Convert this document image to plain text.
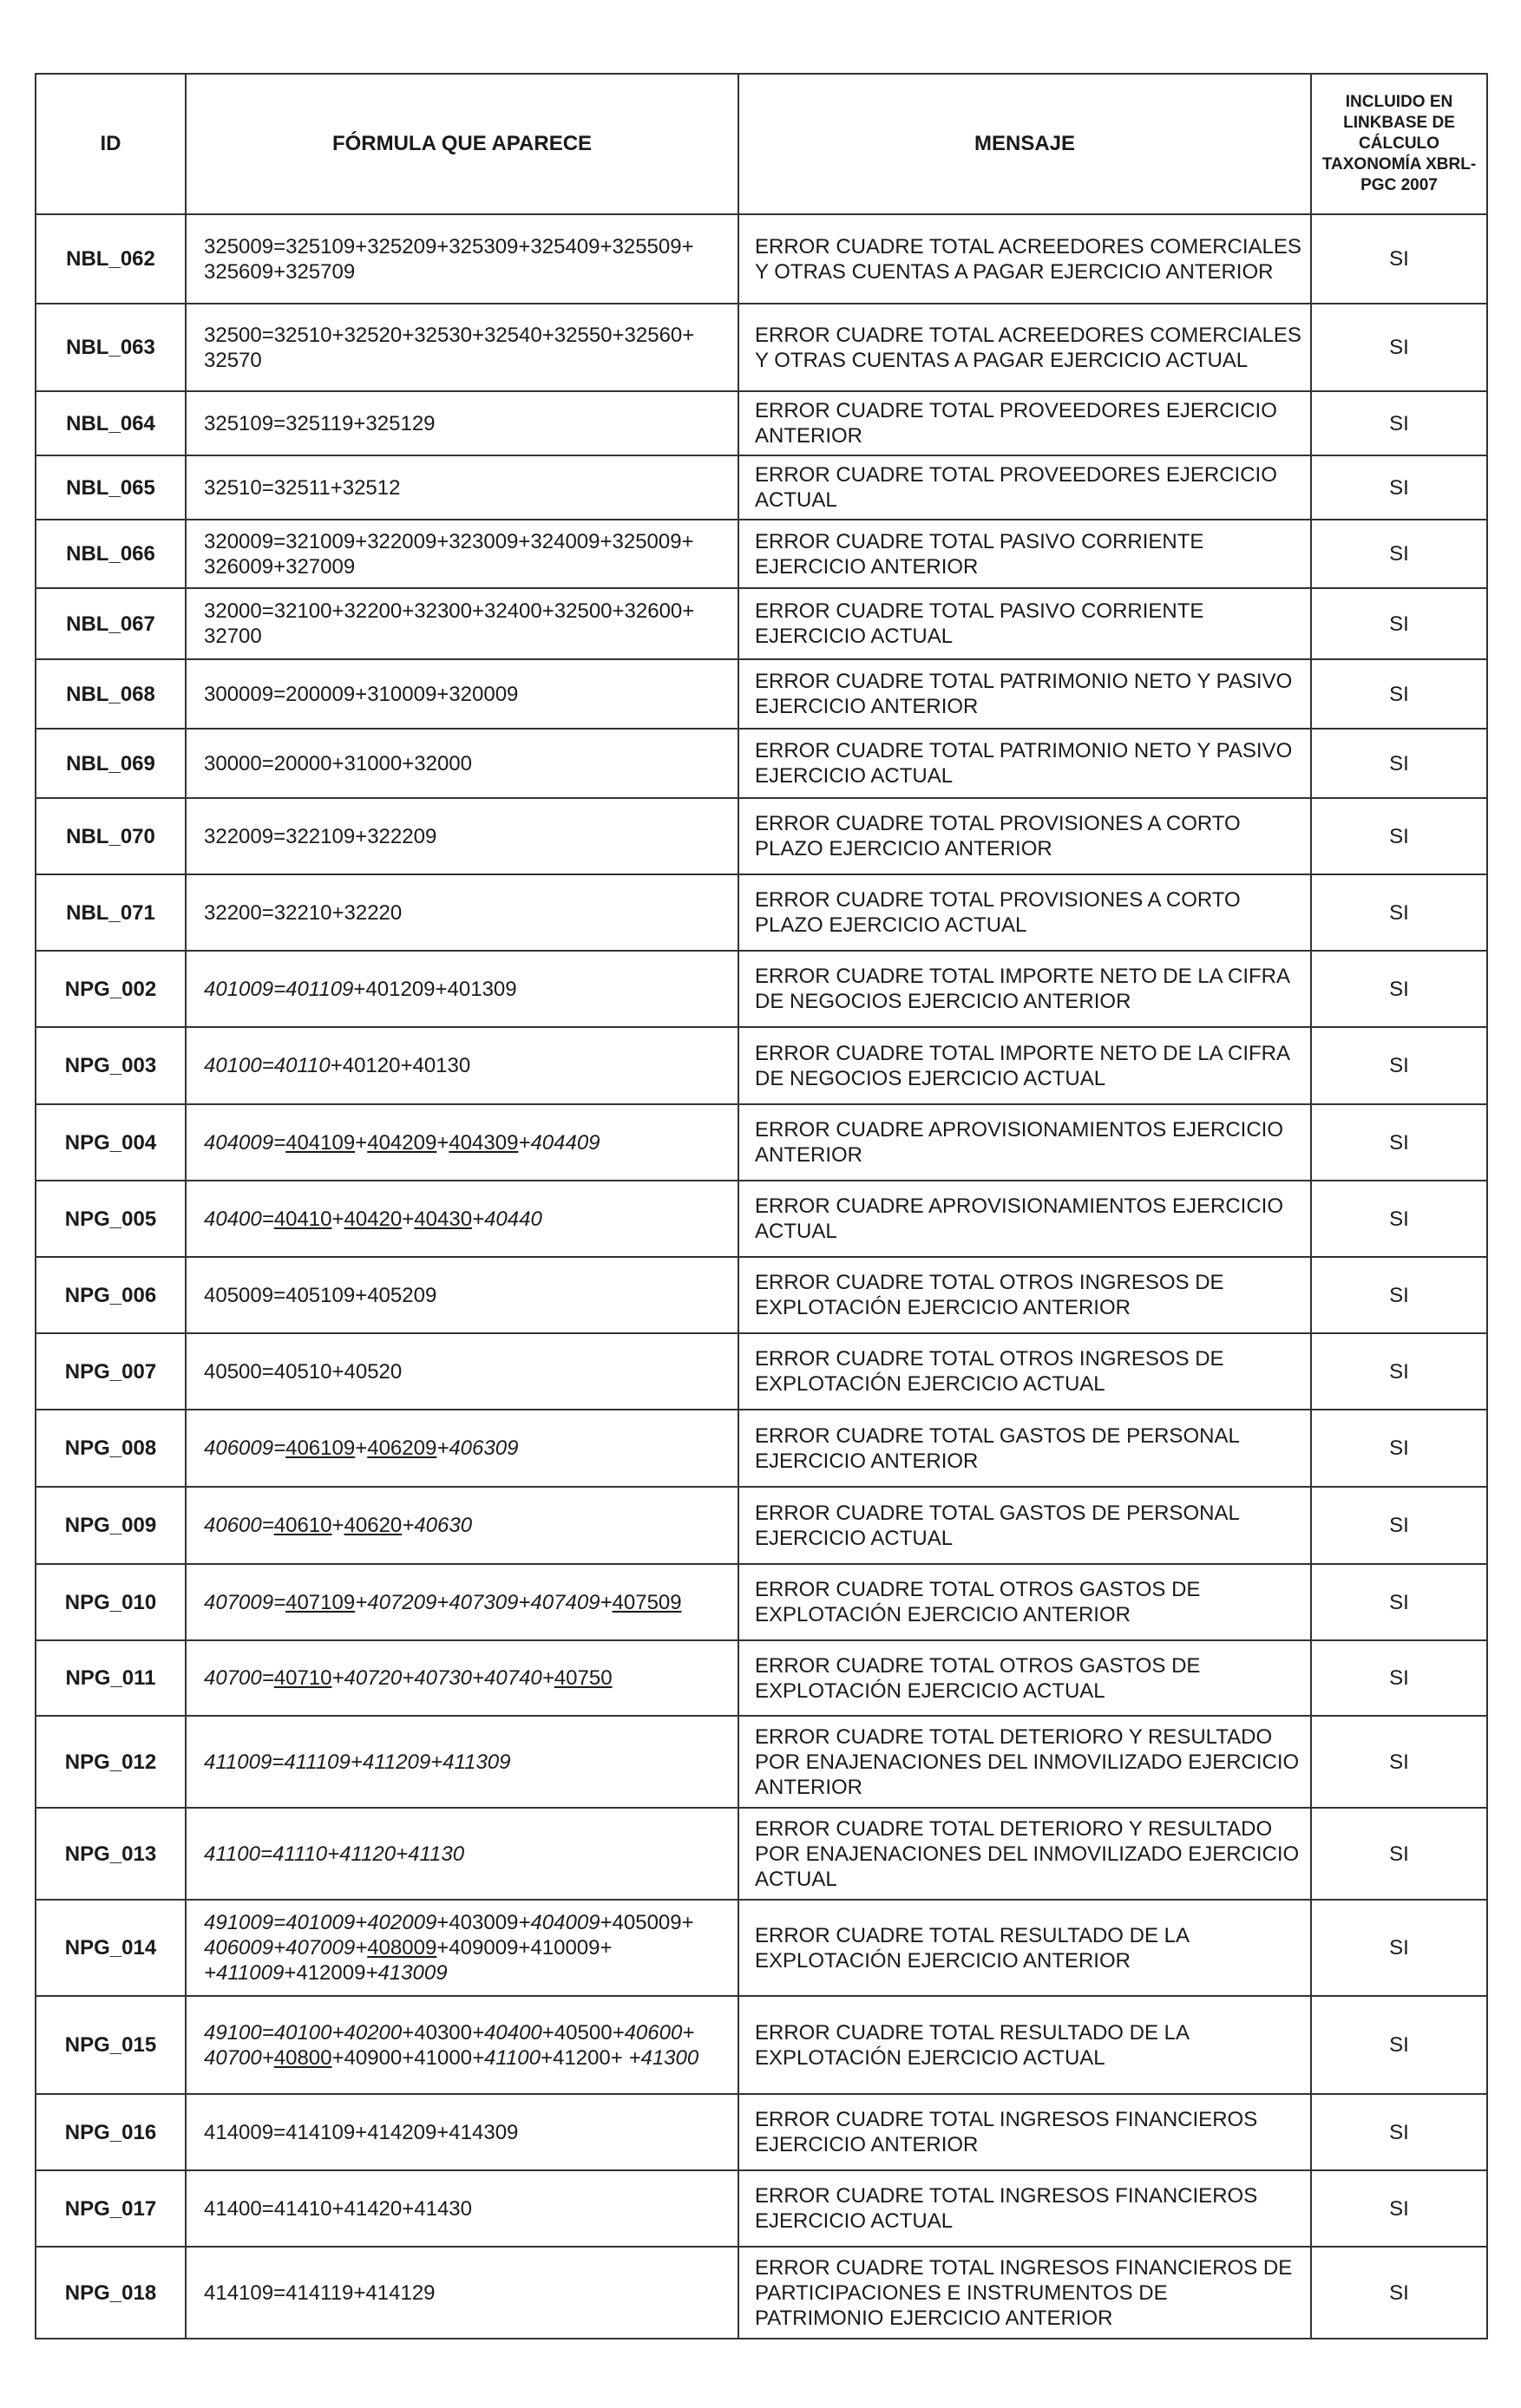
ID	FÓRMULA QUE APARECE	MENSAJE	INCLUIDO EN LINKBASE DE CÁLCULO TAXONOMÍA XBRL-PGC 2007
NBL_062	325009=325109+325209+325309+325409+325509+ 325609+325709	ERROR CUADRE TOTAL ACREEDORES COMERCIALES Y OTRAS CUENTAS A PAGAR EJERCICIO ANTERIOR	SI
NBL_063	32500=32510+32520+32530+32540+32550+32560+ 32570	ERROR CUADRE TOTAL ACREEDORES COMERCIALES Y OTRAS CUENTAS A PAGAR EJERCICIO ACTUAL	SI
NBL_064	325109=325119+325129	ERROR CUADRE TOTAL PROVEEDORES EJERCICIO ANTERIOR	SI
NBL_065	32510=32511+32512	ERROR CUADRE TOTAL PROVEEDORES EJERCICIO ACTUAL	SI
NBL_066	320009=321009+322009+323009+324009+325009+ 326009+327009	ERROR CUADRE TOTAL PASIVO CORRIENTE EJERCICIO ANTERIOR	SI
NBL_067	32000=32100+32200+32300+32400+32500+32600+ 32700	ERROR CUADRE TOTAL PASIVO CORRIENTE EJERCICIO ACTUAL	SI
NBL_068	300009=200009+310009+320009	ERROR CUADRE TOTAL PATRIMONIO NETO Y PASIVO EJERCICIO ANTERIOR	SI
NBL_069	30000=20000+31000+32000	ERROR CUADRE TOTAL PATRIMONIO NETO Y PASIVO EJERCICIO ACTUAL	SI
NBL_070	322009=322109+322209	ERROR CUADRE TOTAL PROVISIONES A CORTO PLAZO EJERCICIO ANTERIOR	SI
NBL_071	32200=32210+32220	ERROR CUADRE TOTAL PROVISIONES A CORTO PLAZO EJERCICIO ACTUAL	SI
NPG_002	401009=401109+401209+401309	ERROR CUADRE TOTAL IMPORTE NETO DE LA CIFRA DE NEGOCIOS EJERCICIO ANTERIOR	SI
NPG_003	40100=40110+40120+40130	ERROR CUADRE TOTAL IMPORTE NETO DE LA CIFRA DE NEGOCIOS EJERCICIO ACTUAL	SI
NPG_004	404009=404109+404209+404309+404409	ERROR CUADRE APROVISIONAMIENTOS EJERCICIO ANTERIOR	SI
NPG_005	40400=40410+40420+40430+40440	ERROR CUADRE APROVISIONAMIENTOS EJERCICIO ACTUAL	SI
NPG_006	405009=405109+405209	ERROR CUADRE TOTAL OTROS INGRESOS DE EXPLOTACIÓN EJERCICIO ANTERIOR	SI
NPG_007	40500=40510+40520	ERROR CUADRE TOTAL OTROS INGRESOS DE EXPLOTACIÓN EJERCICIO ACTUAL	SI
NPG_008	406009=406109+406209+406309	ERROR CUADRE TOTAL GASTOS DE PERSONAL EJERCICIO ANTERIOR	SI
NPG_009	40600=40610+40620+40630	ERROR CUADRE TOTAL GASTOS DE PERSONAL EJERCICIO ACTUAL	SI
NPG_010	407009=407109+407209+407309+407409+407509	ERROR CUADRE TOTAL OTROS GASTOS DE EXPLOTACIÓN EJERCICIO ANTERIOR	SI
NPG_011	40700=40710+40720+40730+40740+40750	ERROR CUADRE TOTAL OTROS GASTOS DE EXPLOTACIÓN EJERCICIO ACTUAL	SI
NPG_012	411009=411109+411209+411309	ERROR CUADRE TOTAL DETERIORO Y RESULTADO POR ENAJENACIONES DEL INMOVILIZADO EJERCICIO ANTERIOR	SI
NPG_013	41100=41110+41120+41130	ERROR CUADRE TOTAL DETERIORO Y RESULTADO POR ENAJENACIONES DEL INMOVILIZADO EJERCICIO ACTUAL	SI
NPG_014	491009=401009+402009+403009+404009+405009+ 406009+407009+408009+409009+410009+ +411009+412009+413009	ERROR CUADRE TOTAL RESULTADO DE LA EXPLOTACIÓN EJERCICIO ANTERIOR	SI
NPG_015	49100=40100+40200+40300+40400+40500+40600+ 40700+40800+40900+41000+41100+41200+ +41300	ERROR CUADRE TOTAL RESULTADO DE LA EXPLOTACIÓN EJERCICIO ACTUAL	SI
NPG_016	414009=414109+414209+414309	ERROR CUADRE TOTAL INGRESOS FINANCIEROS EJERCICIO ANTERIOR	SI
NPG_017	41400=41410+41420+41430	ERROR CUADRE TOTAL INGRESOS FINANCIEROS EJERCICIO ACTUAL	SI
NPG_018	414109=414119+414129	ERROR CUADRE TOTAL INGRESOS FINANCIEROS DE PARTICIPACIONES E INSTRUMENTOS DE PATRIMONIO EJERCICIO ANTERIOR	SI
